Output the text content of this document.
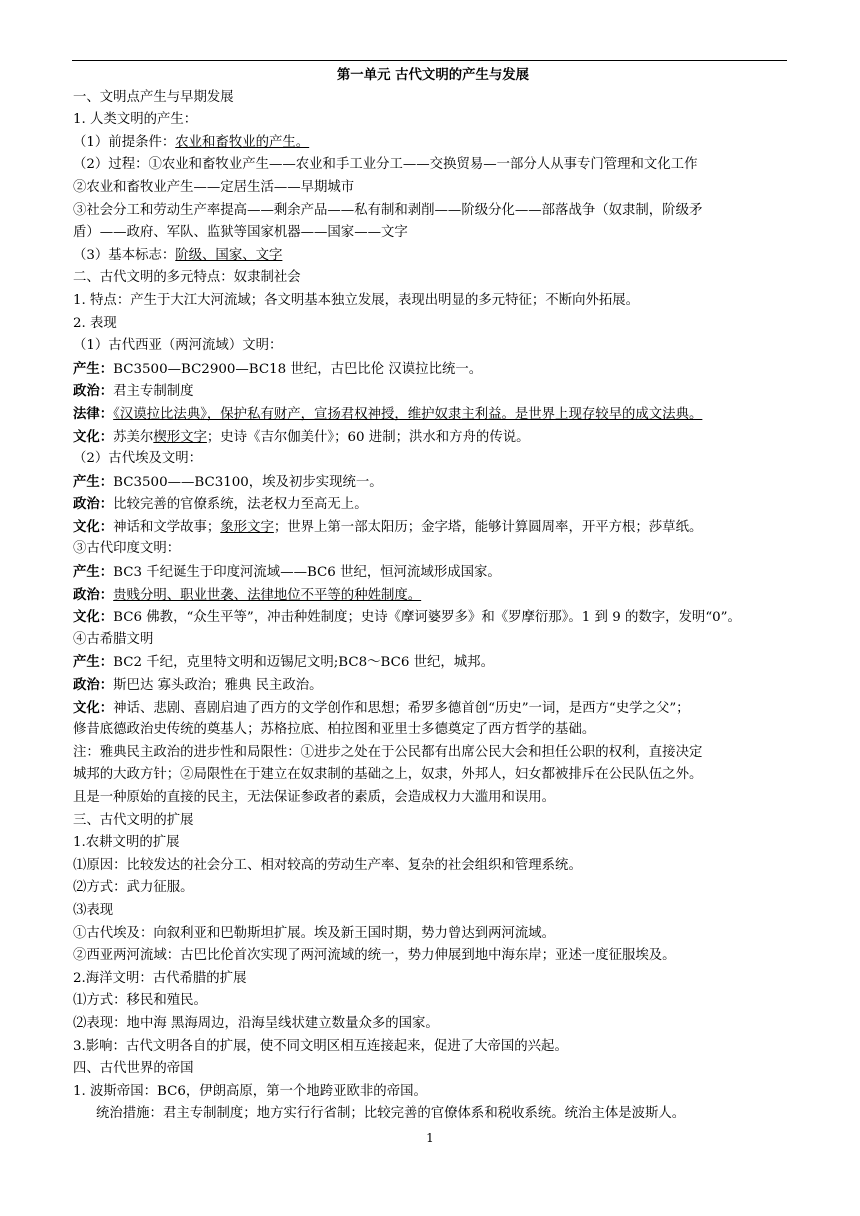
第一单元 古代文明的产生与发展
一、文明点产生与早期发展
1. 人类文明的产生：
（1）前提条件：农业和畜牧业的产生。
（2）过程：①农业和畜牧业产生——农业和手工业分工——交换贸易—一部分人从事专门管理和文化工作
②农业和畜牧业产生——定居生活——早期城市
③社会分工和劳动生产率提高——剩余产品——私有制和剥削——阶级分化——部落战争（奴隶制，阶级矛
盾）——政府、军队、监狱等国家机器——国家——文字
（3）基本标志：阶级、国家、文字
二、古代文明的多元特点：奴隶制社会
1. 特点：产生于大江大河流域；各文明基本独立发展，表现出明显的多元特征；不断向外拓展。
2. 表现
（1）古代西亚（两河流域）文明：
产生：BC3500—BC2900—BC18 世纪，古巴比伦 汉谟拉比统一。
政治：君主专制制度
法律：《汉谟拉比法典》，保护私有财产，宣扬君权神授，维护奴隶主利益。是世界上现存较早的成文法典。
文化：苏美尔楔形文字；史诗《吉尔伽美什》；60 进制；洪水和方舟的传说。
（2）古代埃及文明：
产生：BC3500——BC3100，埃及初步实现统一。
政治：比较完善的官僚系统，法老权力至高无上。
文化：神话和文学故事；象形文字；世界上第一部太阳历；金字塔，能够计算圆周率，开平方根；莎草纸。
③古代印度文明：
产生：BC3 千纪诞生于印度河流域——BC6 世纪，恒河流域形成国家。
政治：贵贱分明、职业世袭、法律地位不平等的种姓制度。
文化：BC6 佛教，“众生平等”，冲击种姓制度；史诗《摩诃婆罗多》和《罗摩衍那》。1 到 9 的数字，发明“0”。
④古希腊文明
产生：BC2 千纪，克里特文明和迈锡尼文明;BC8～BC6 世纪，城邦。
政治：斯巴达 寡头政治；雅典 民主政治。
文化：神话、悲剧、喜剧启迪了西方的文学创作和思想；希罗多德首创“历史”一词，是西方“史学之父”；
修昔底德政治史传统的奠基人；苏格拉底、柏拉图和亚里士多德奠定了西方哲学的基础。
注：雅典民主政治的进步性和局限性：①进步之处在于公民都有出席公民大会和担任公职的权利，直接决定
城邦的大政方针；②局限性在于建立在奴隶制的基础之上，奴隶，外邦人，妇女都被排斥在公民队伍之外。
且是一种原始的直接的民主，无法保证参政者的素质，会造成权力大滥用和误用。
三、古代文明的扩展
1.农耕文明的扩展
⑴原因：比较发达的社会分工、相对较高的劳动生产率、复杂的社会组织和管理系统。
⑵方式：武力征服。
⑶表现
①古代埃及：向叙利亚和巴勒斯坦扩展。埃及新王国时期，势力曾达到两河流域。
②西亚两河流域：古巴比伦首次实现了两河流域的统一，势力伸展到地中海东岸；亚述一度征服埃及。
2.海洋文明：古代希腊的扩展
⑴方式：移民和殖民。
⑵表现：地中海 黑海周边，沿海呈线状建立数量众多的国家。
3.影响：古代文明各自的扩展，使不同文明区相互连接起来，促进了大帝国的兴起。
四、古代世界的帝国
1. 波斯帝国：BC6，伊朗高原，第一个地跨亚欧非的帝国。
统治措施：君主专制制度；地方实行行省制；比较完善的官僚体系和税收系统。统治主体是波斯人。
1
